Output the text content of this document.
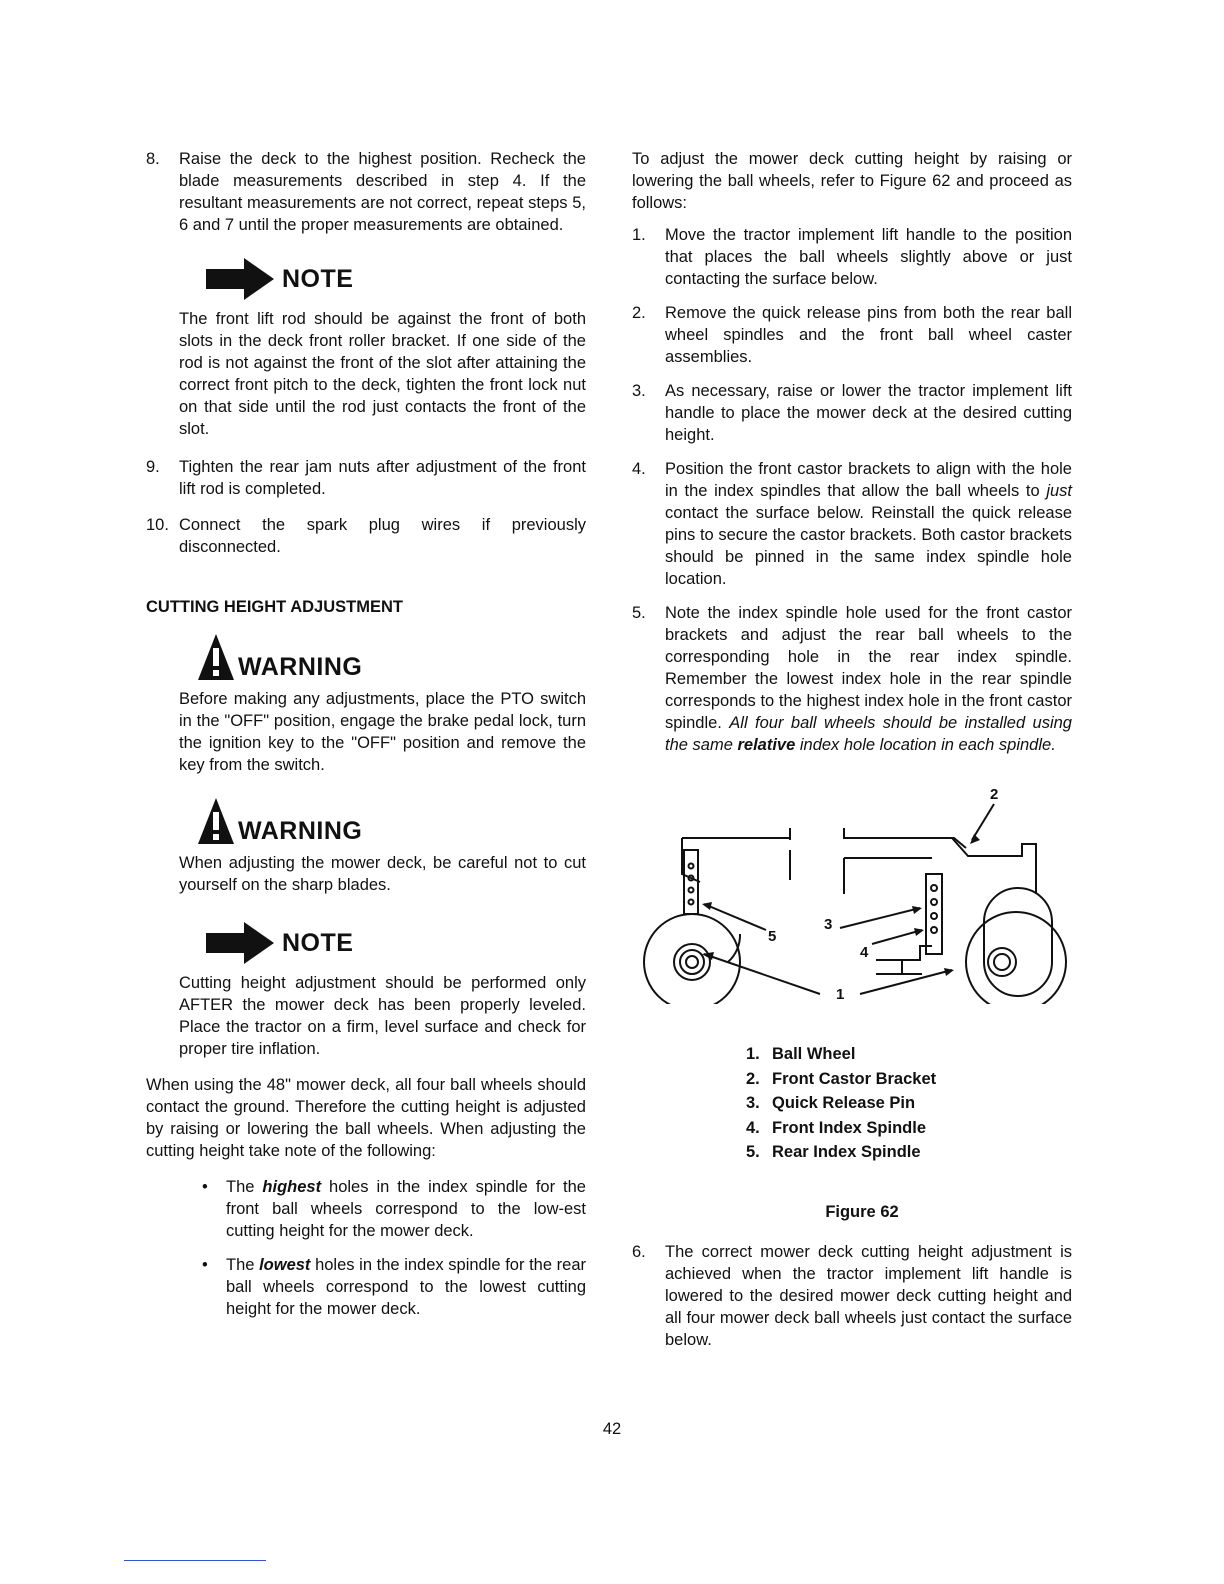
8. Raise the deck to the highest position. Recheck the blade measurements described in step 4. If the resultant measurements are not correct, repeat steps 5, 6 and 7 until the proper measurements are obtained.

NOTE

The front lift rod should be against the front of both slots in the deck front roller bracket. If one side of the rod is not against the front of the slot after attaining the correct front pitch to the deck, tighten the front lock nut on that side until the rod just contacts the front of the slot.

9. Tighten the rear jam nuts after adjustment of the front lift rod is completed.

10. Connect the spark plug wires if previously disconnected.

CUTTING HEIGHT ADJUSTMENT
WARNING

Before making any adjustments, place the PTO switch in the "OFF" position, engage the brake pedal lock, turn the ignition key to the "OFF" position and remove the key from the switch.

WARNING

When adjusting the mower deck, be careful not to cut yourself on the sharp blades.

NOTE

Cutting height adjustment should be performed only AFTER the mower deck has been properly leveled. Place the tractor on a firm, level surface and check for proper tire inflation.

When using the 48" mower deck, all four ball wheels should contact the ground. Therefore the cutting height is adjusted by raising or lowering the ball wheels. When adjusting the cutting height take note of the following:

• The highest holes in the index spindle for the front ball wheels correspond to the low-est cutting height for the mower deck.

• The lowest holes in the index spindle for the rear ball wheels correspond to the lowest cutting height for the mower deck.

To adjust the mower deck cutting height by raising or lowering the ball wheels, refer to Figure 62 and proceed as follows:

1. Move the tractor implement lift handle to the position that places the ball wheels slightly above or just contacting the surface below.

2. Remove the quick release pins from both the rear ball wheel spindles and the front ball wheel caster assemblies.

3. As necessary, raise or lower the tractor implement lift handle to place the mower deck at the desired cutting height.

4. Position the front castor brackets to align with the hole in the index spindles that allow the ball wheels to just contact the surface below. Reinstall the quick release pins to secure the castor brackets. Both castor brackets should be pinned in the same index spindle hole location.

5. Note the index spindle hole used for the front castor brackets and adjust the rear ball wheels to the corresponding hole in the rear index spindle. Remember the lowest index hole in the rear spindle corresponds to the highest index hole in the front castor spindle. All four ball wheels should be installed using the same relative index hole location in each spindle.

5
3
4
1
2
1. Ball Wheel
2. Front Castor Bracket
3. Quick Release Pin
4. Front Index Spindle
5. Rear Index Spindle
Figure 62

6. The correct mower deck cutting height adjustment is achieved when the tractor implement lift handle is lowered to the desired mower deck cutting height and all four mower deck ball wheels just contact the surface below.

42
